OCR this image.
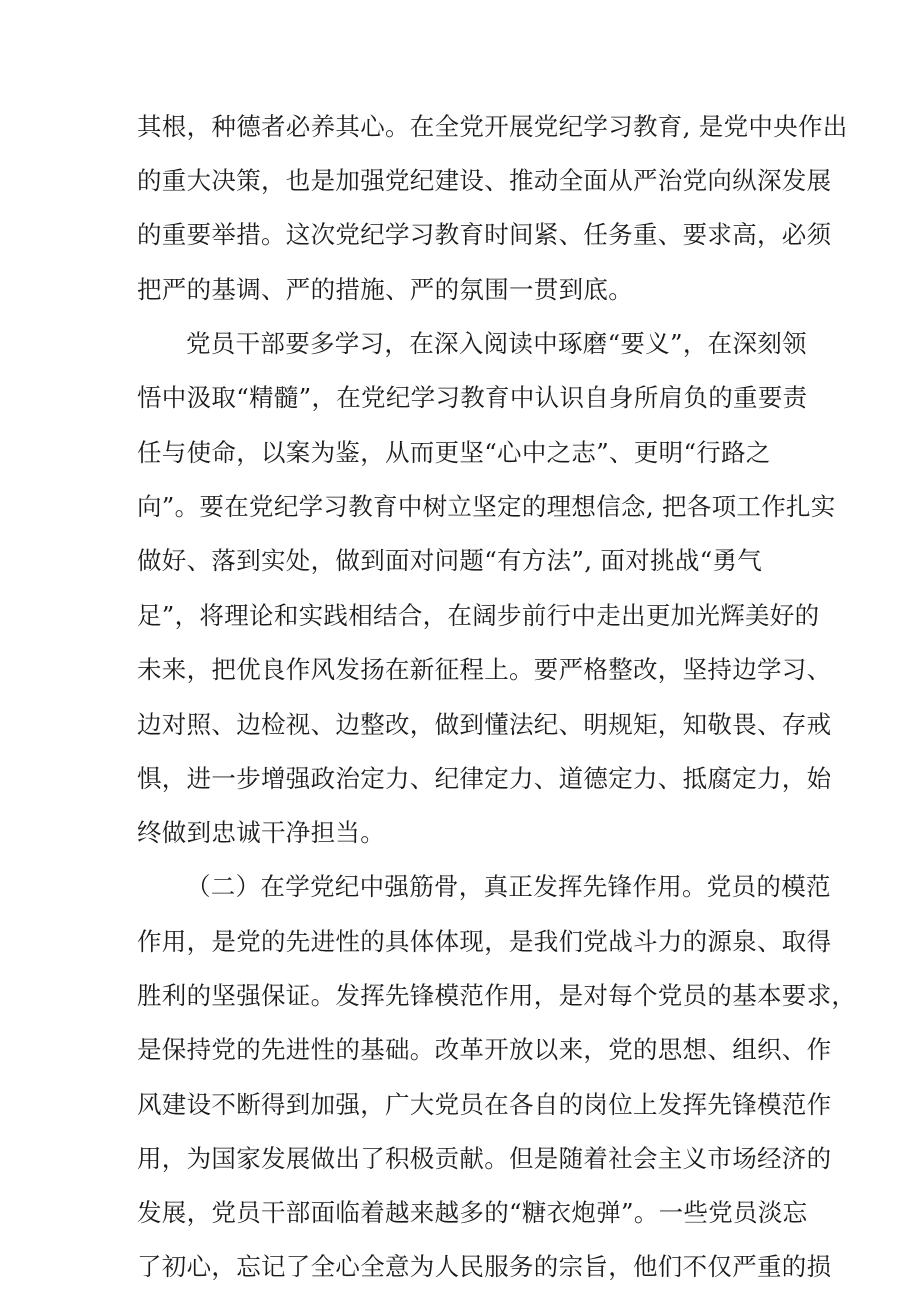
其根，种德者必养其心。在全党开展党纪学习教育, 是党中央作出
的重大决策，也是加强党纪建设、推动全面从严治党向纵深发展
的重要举措。这次党纪学习教育时间紧、任务重、要求高，必须
把严的基调、严的措施、严的氛围一贯到底。
党员干部要多学习，在深入阅读中琢磨“要义”，在深刻领
悟中汲取“精髓”，在党纪学习教育中认识自身所肩负的重要责
任与使命，以案为鉴，从而更坚“心中之志”、更明“行路之
向”。要在党纪学习教育中树立坚定的理想信念, 把各项工作扎实
做好、落到实处，做到面对问题“有方法”, 面对挑战“勇气
足”，将理论和实践相结合，在阔步前行中走出更加光辉美好的
未来，把优良作风发扬在新征程上。要严格整改，坚持边学习、
边对照、边检视、边整改，做到懂法纪、明规矩，知敬畏、存戒
惧，进一步增强政治定力、纪律定力、道德定力、抵腐定力，始
终做到忠诚干净担当。
（二）在学党纪中强筋骨，真正发挥先锋作用。党员的模范
作用，是党的先进性的具体体现，是我们党战斗力的源泉、取得
胜利的坚强保证。发挥先锋模范作用，是对每个党员的基本要求，
是保持党的先进性的基础。改革开放以来，党的思想、组织、作
风建设不断得到加强，广大党员在各自的岗位上发挥先锋模范作
用，为国家发展做出了积极贡献。但是随着社会主义市场经济的
发展，党员干部面临着越来越多的“糖衣炮弹”。一些党员淡忘
了初心，忘记了全心全意为人民服务的宗旨，他们不仅严重的损
